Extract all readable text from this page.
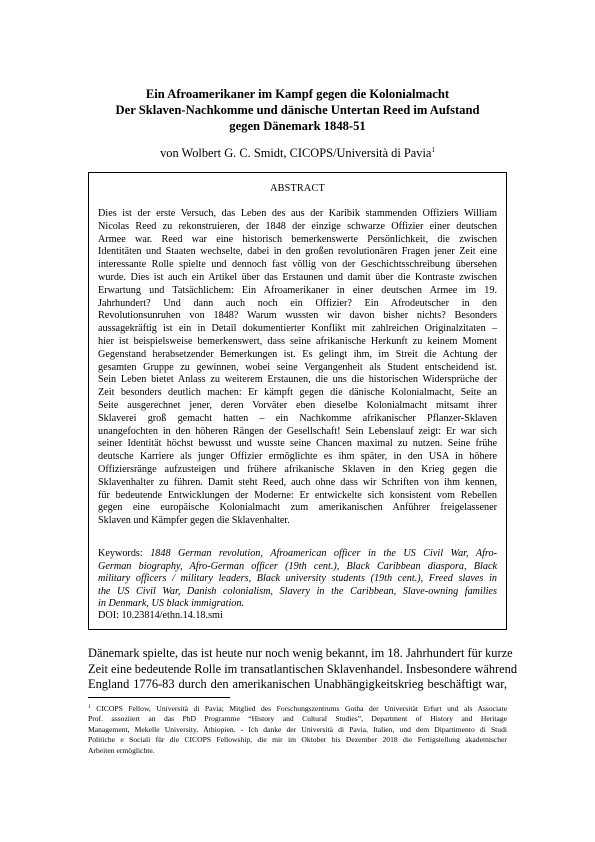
Ein Afroamerikaner im Kampf gegen die Kolonialmacht
Der Sklaven-Nachkomme und dänische Untertan Reed im Aufstand
gegen Dänemark 1848-51
von Wolbert G. C. Smidt, CICOPS/Università di Pavia$^1$
ABSTRACT
Dies ist der erste Versuch, das Leben des aus der Karibik stammenden Offiziers William
Nicolas Reed zu rekonstruieren, der 1848 der einzige schwarze Offizier einer deutschen
Armee war. Reed war eine historisch bemerkenswerte Persönlichkeit, die zwischen
Identitäten und Staaten wechselte, dabei in den großen revolutionären Fragen jener Zeit eine
interessante Rolle spielte und dennoch fast völlig von der Geschichtsschreibung übersehen
wurde. Dies ist auch ein Artikel über das Erstaunen und damit über die Kontraste zwischen
Erwartung und Tatsächlichem: Ein Afroamerikaner in einer deutschen Armee im 19.
Jahrhundert? Und dann auch noch ein Offizier? Ein Afrodeutscher in den
Revolutionsunruhen von 1848? Warum wussten wir davon bisher nichts? Besonders
aussagekräftig ist ein in Detail dokumentierter Konflikt mit zahlreichen Originalzitaten –
hier ist beispielsweise bemerkenswert, dass seine afrikanische Herkunft zu keinem Moment
Gegenstand herabsetzender Bemerkungen ist. Es gelingt ihm, im Streit die Achtung der
gesamten Gruppe zu gewinnen, wobei seine Vergangenheit als Student entscheidend ist.
Sein Leben bietet Anlass zu weiterem Erstaunen, die uns die historischen Widersprüche der
Zeit besonders deutlich machen: Er kämpft gegen die dänische Kolonialmacht, Seite an
Seite ausgerechnet jener, deren Vorväter eben dieselbe Kolonialmacht mitsamt ihrer
Sklaverei groß gemacht hatten – ein Nachkomme afrikanischer Pflanzer-Sklaven
unangefochten in den höheren Rängen der Gesellschaft! Sein Lebenslauf zeigt: Er war sich
seiner Identität höchst bewusst und wusste seine Chancen maximal zu nutzen. Seine frühe
deutsche Karriere als junger Offizier ermöglichte es ihm später, in den USA in höhere
Offiziersränge aufzusteigen und frühere afrikanische Sklaven in den Krieg gegen die
Sklavenhalter zu führen. Damit steht Reed, auch ohne dass wir Schriften von ihm kennen,
für bedeutende Entwicklungen der Moderne: Er entwickelte sich konsistent vom Rebellen
gegen eine europäische Kolonialmacht zum amerikanischen Anführer freigelassener
Sklaven und Kämpfer gegen die Sklavenhalter.
Keywords: 1848 German revolution, Afroamerican officer in the US Civil War, Afro-
German biography, Afro-German officer (19th cent.), Black Caribbean diaspora, Black
military officers / military leaders, Black university students (19th cent.), Freed slaves in
the US Civil War, Danish colonialism, Slavery in the Caribbean, Slave-owning families
in Denmark, US black immigration.
DOI: 10.23814/ethn.14.18.smi
Dänemark spielte, das ist heute nur noch wenig bekannt, im 18. Jahrhundert für kurze
Zeit eine bedeutende Rolle im transatlantischen Sklavenhandel. Insbesondere während
England 1776-83 durch den amerikanischen Unabhängigkeitskrieg beschäftigt war,
$^1$ CICOPS Fellow, Università di Pavia; Mitglied des Forschungszentrums Gotha der Universität Erfurt und als Associate
Prof. assoziiert an das PhD Programme “History and Cultural Studies”, Department of History and Heritage
Management, Mekelle University, Äthiopien. - Ich danke der Università di Pavia, Italien, und dem Dipartimento di Studi
Politiche e Sociali für die CICOPS Fellowship, die mir im Oktober bis Dezember 2018 die Fertigstellung akademischer
Arbeiten ermöglichte.
